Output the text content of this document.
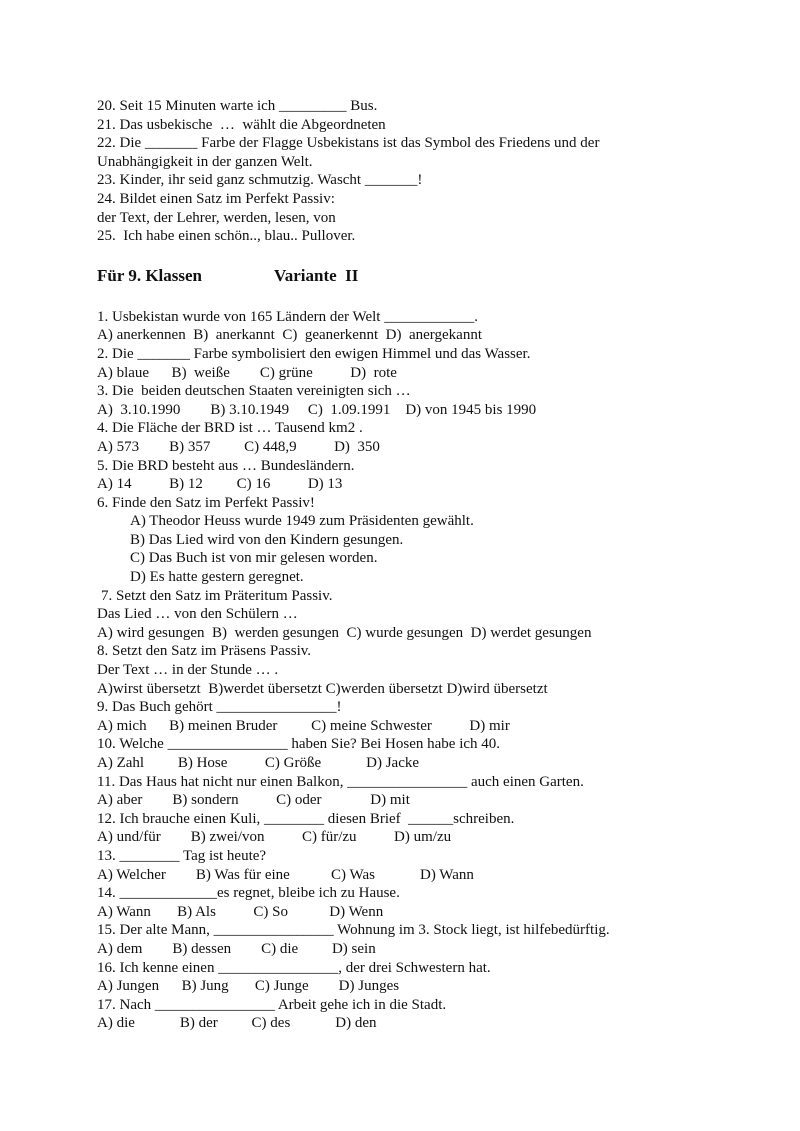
20. Seit 15 Minuten warte ich _________ Bus.
21. Das usbekische  …  wählt die Abgeordneten
22. Die _______ Farbe der Flagge Usbekistans ist das Symbol des Friedens und der
Unabhängigkeit in der ganzen Welt.
23. Kinder, ihr seid ganz schmutzig. Wascht _______!
24. Bildet einen Satz im Perfekt Passiv:
der Text, der Lehrer, werden, lesen, von
25.  Ich habe einen schön.., blau.. Pullover.
Für 9. Klassen	Variante  II
1. Usbekistan wurde von 165 Ländern der Welt ____________.
A) anerkennen  B)  anerkannt  C)  geanerkennt  D)  anergekannt
2. Die _______ Farbe symbolisiert den ewigen Himmel und das Wasser.
A) blaue      B)  weiße        C) grüne          D)  rote
3. Die  beiden deutschen Staaten vereinigten sich …
A)  3.10.1990        B) 3.10.1949     C)  1.09.1991    D) von 1945 bis 1990
4. Die Fläche der BRD ist … Tausend km2 .
A) 573        B) 357         C) 448,9          D)  350
5. Die BRD besteht aus … Bundesländern.
A) 14          B) 12         C) 16          D) 13
6. Finde den Satz im Perfekt Passiv!
A) Theodor Heuss wurde 1949 zum Präsidenten gewählt.
B) Das Lied wird von den Kindern gesungen.
C) Das Buch ist von mir gelesen worden.
D) Es hatte gestern geregnet.
7. Setzt den Satz im Präteritum Passiv.
Das Lied … von den Schülern …
A) wird gesungen  B)  werden gesungen  C) wurde gesungen  D) werdet gesungen
8. Setzt den Satz im Präsens Passiv.
Der Text … in der Stunde … .
A)wirst übersetzt  B)werdet übersetzt C)werden übersetzt D)wird übersetzt
9. Das Buch gehört ________________!
A) mich      B) meinen Bruder         C) meine Schwester          D) mir
10. Welche ________________ haben Sie? Bei Hosen habe ich 40.
A) Zahl         B) Hose          C) Größe            D) Jacke
11. Das Haus hat nicht nur einen Balkon, ________________ auch einen Garten.
A) aber        B) sondern          C) oder             D) mit
12. Ich brauche einen Kuli, ________ diesen Brief  ______schreiben.
A) und/für        B) zwei/von          C) für/zu          D) um/zu
13. ________ Tag ist heute?
A) Welcher        B) Was für eine           C) Was            D) Wann
14. _____________es regnet, bleibe ich zu Hause.
A) Wann       B) Als          C) So           D) Wenn
15. Der alte Mann, ________________ Wohnung im 3. Stock liegt, ist hilfebedürftig.
A) dem        B) dessen        C) die         D) sein
16. Ich kenne einen ________________, der drei Schwestern hat.
A) Jungen      B) Jung       C) Junge        D) Junges
17. Nach ________________ Arbeit gehe ich in die Stadt.
A) die            B) der         C) des            D) den
